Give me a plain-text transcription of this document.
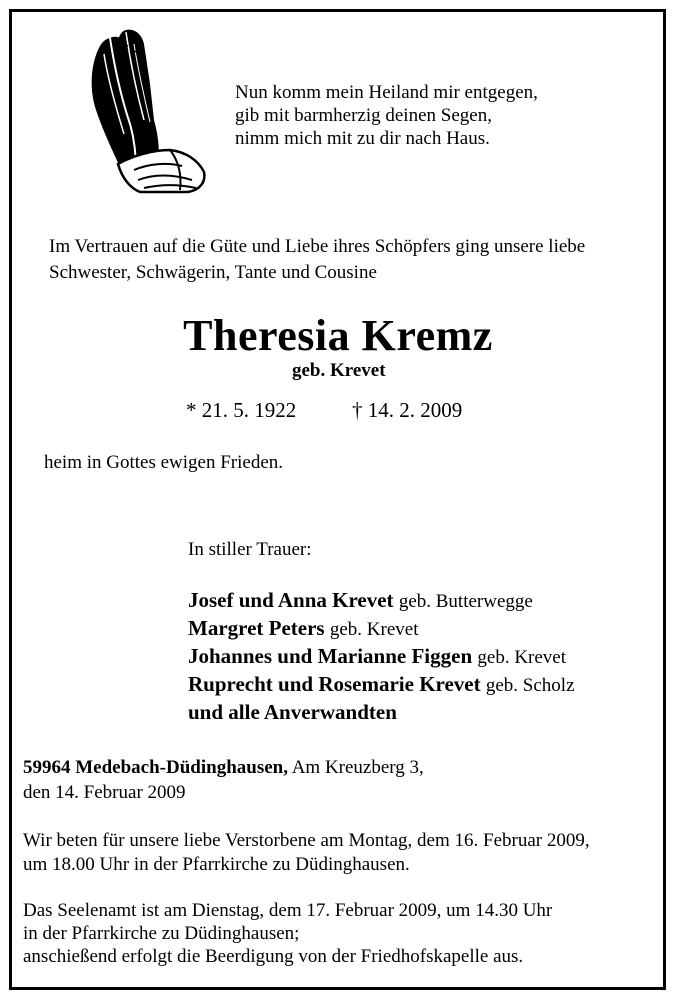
Nun komm mein Heiland mir entgegen,
gib mit barmherzig deinen Segen,
nimm mich mit zu dir nach Haus.
Im Vertrauen auf die Güte und Liebe ihres Schöpfers ging unsere liebe
Schwester, Schwägerin, Tante und Cousine
Theresia Kremz
geb. Krevet
* 21. 5. 1922	† 14. 2. 2009
heim in Gottes ewigen Frieden.
In stiller Trauer:
Josef und Anna Krevet geb. Butterwegge
Margret Peters geb. Krevet
Johannes und Marianne Figgen geb. Krevet
Ruprecht und Rosemarie Krevet geb. Scholz
und alle Anverwandten
59964 Medebach-Düdinghausen, Am Kreuzberg 3,
den 14. Februar 2009
Wir beten für unsere liebe Verstorbene am Montag, dem 16. Februar 2009,
um 18.00 Uhr in der Pfarrkirche zu Düdinghausen.
Das Seelenamt ist am Dienstag, dem 17. Februar 2009, um 14.30 Uhr
in der Pfarrkirche zu Düdinghausen;
anschießend erfolgt die Beerdigung von der Friedhofskapelle aus.
